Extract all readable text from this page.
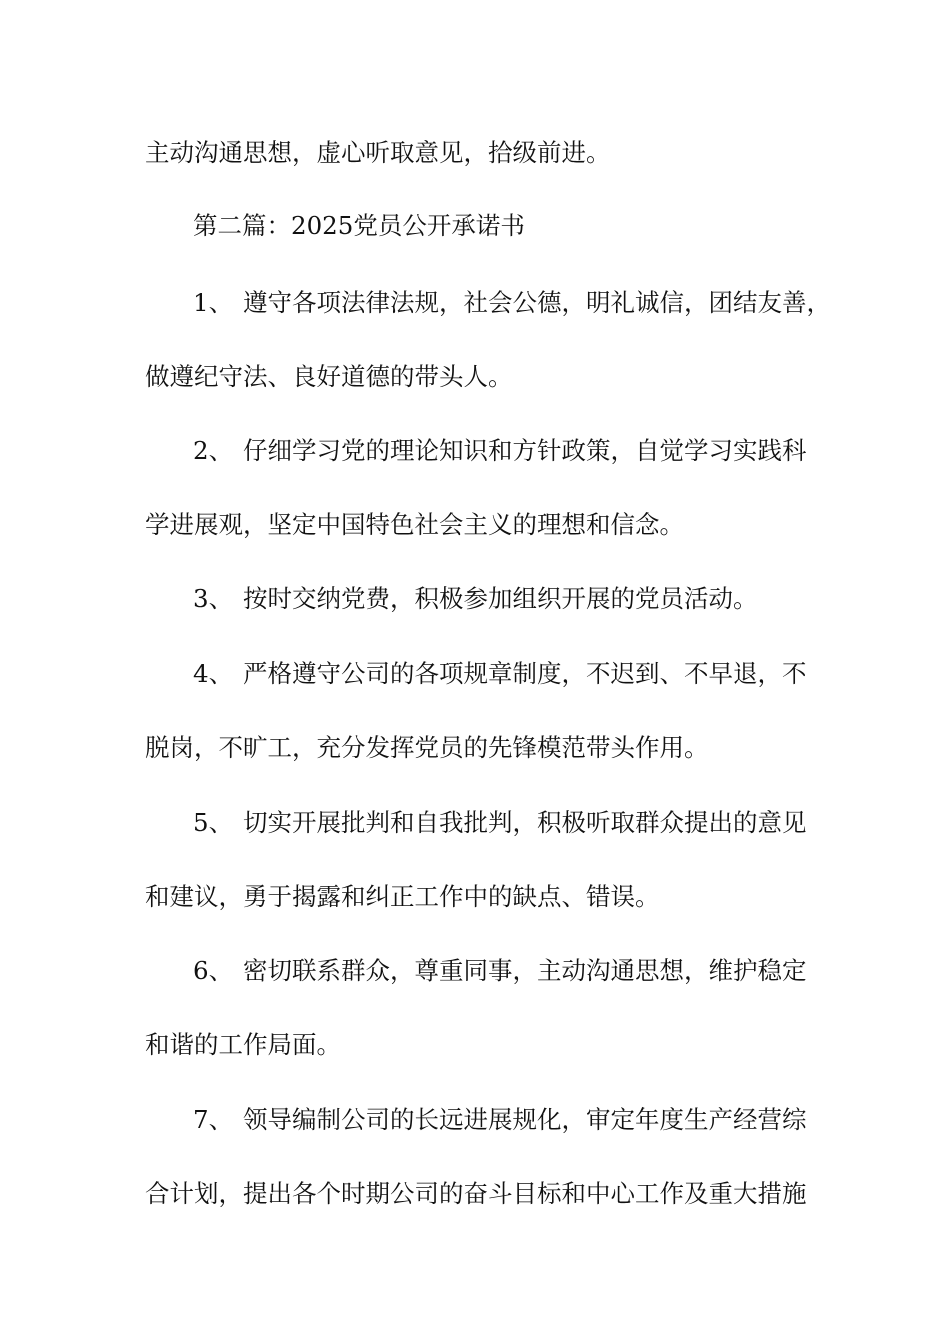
主动沟通思想，虚心听取意见，拾级前进。
第二篇：2025党员公开承诺书
1、 遵守各项法律法规，社会公德，明礼诚信，团结友善，
做遵纪守法、良好道德的带头人。
2、 仔细学习党的理论知识和方针政策，自觉学习实践科
学进展观，坚定中国特色社会主义的理想和信念。
3、 按时交纳党费，积极参加组织开展的党员活动。
4、 严格遵守公司的各项规章制度，不迟到、不早退，不
脱岗，不旷工，充分发挥党员的先锋模范带头作用。
5、 切实开展批判和自我批判，积极听取群众提出的意见
和建议，勇于揭露和纠正工作中的缺点、错误。
6、 密切联系群众，尊重同事，主动沟通思想，维护稳定
和谐的工作局面。
7、 领导编制公司的长远进展规化，审定年度生产经营综
合计划，提出各个时期公司的奋斗目标和中心工作及重大措施
